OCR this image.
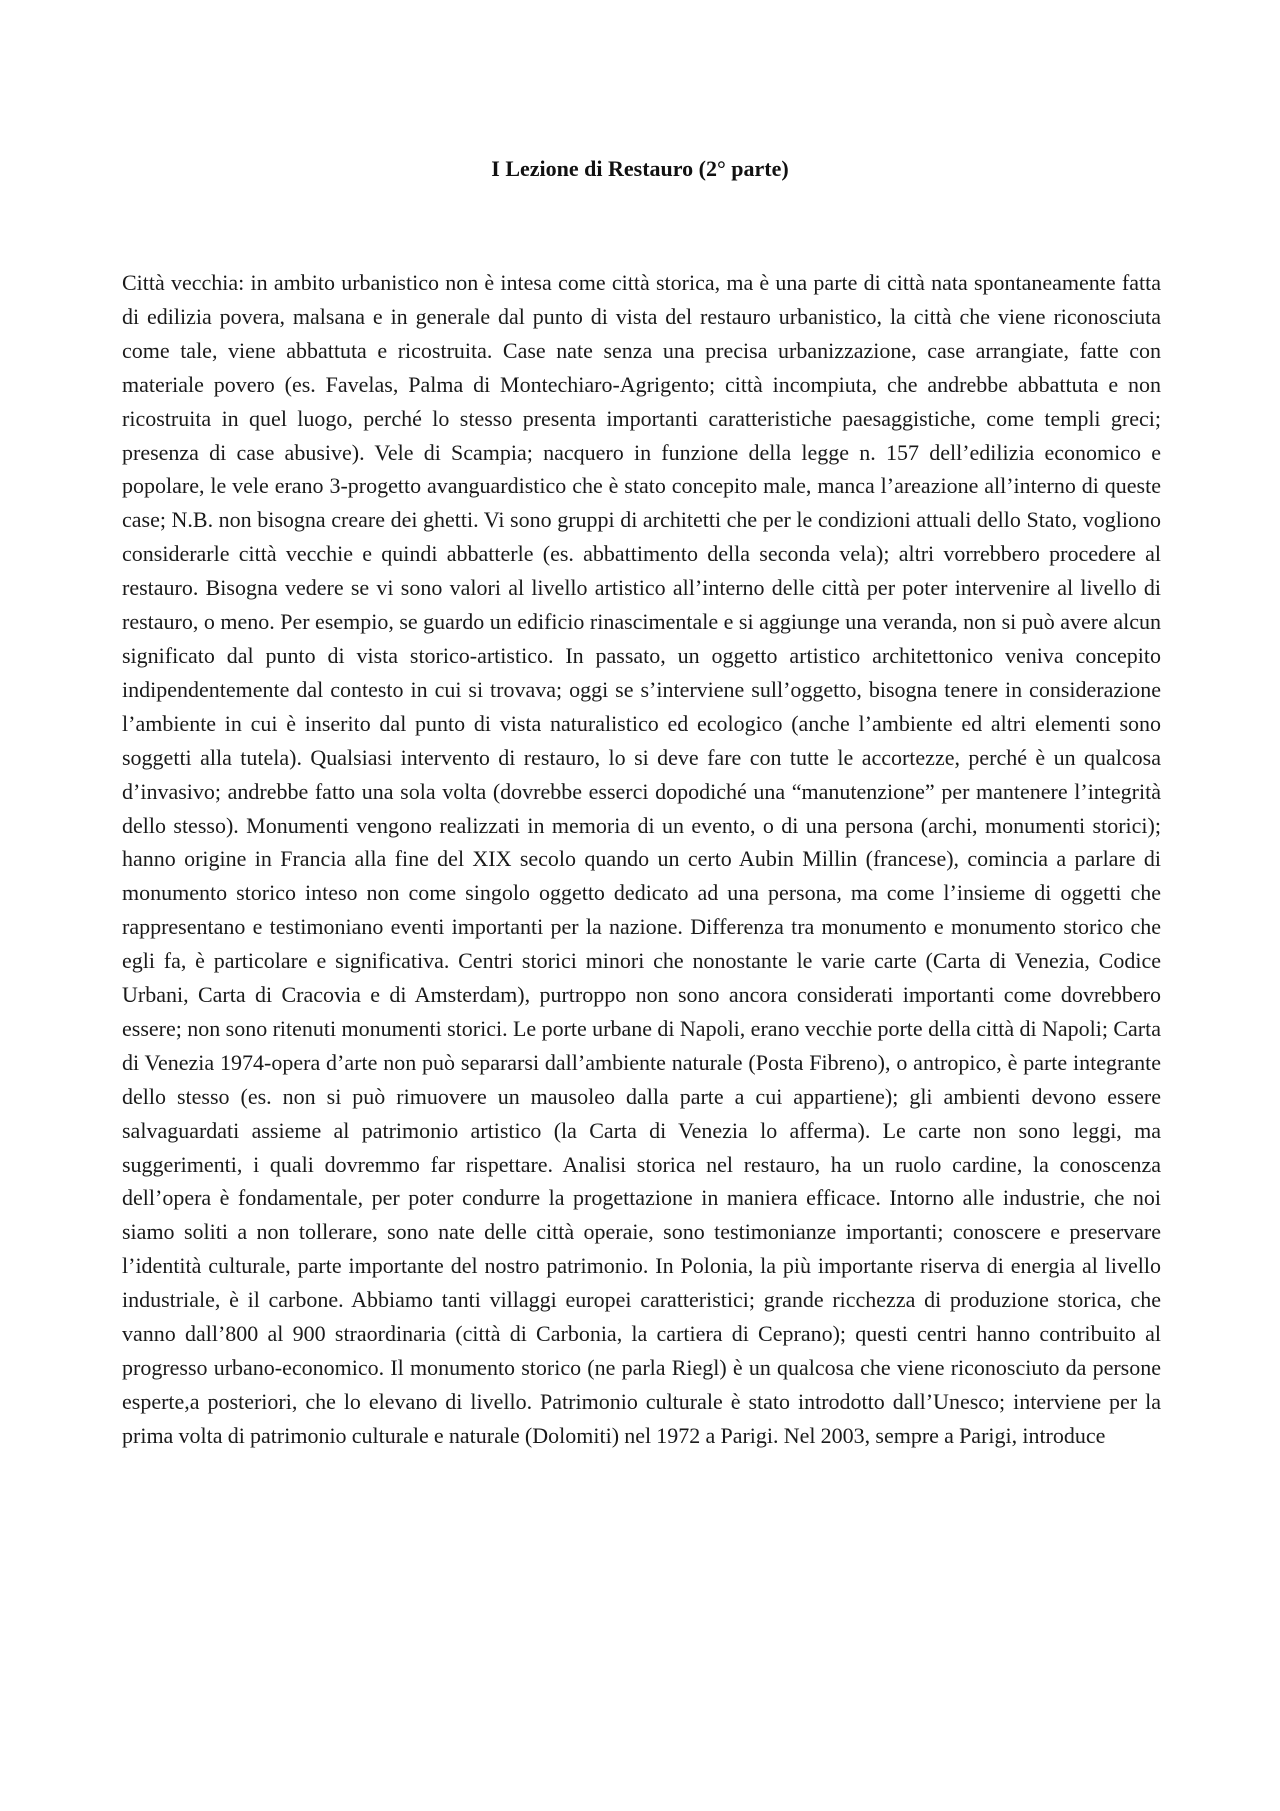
I Lezione di Restauro (2° parte)

Città vecchia: in ambito urbanistico non è intesa come città storica, ma è una parte di città nata spontaneamente fatta di edilizia povera, malsana e in generale dal punto di vista del restauro urbanistico, la città che viene riconosciuta come tale, viene abbattuta e ricostruita. Case nate senza una precisa urbanizzazione, case arrangiate, fatte con materiale povero (es. Favelas, Palma di Montechiaro-Agrigento; città incompiuta, che andrebbe abbattuta e non ricostruita in quel luogo, perché lo stesso presenta importanti caratteristiche paesaggistiche, come templi greci; presenza di case abusive). Vele di Scampia; nacquero in funzione della legge n. 157 dell’edilizia economico e popolare, le vele erano 3-progetto avanguardistico che è stato concepito male, manca l’areazione all’interno di queste case; N.B. non bisogna creare dei ghetti. Vi sono gruppi di architetti che per le condizioni attuali dello Stato, vogliono considerarle città vecchie e quindi abbatterle (es. abbattimento della seconda vela); altri vorrebbero procedere al restauro. Bisogna vedere se vi sono valori al livello artistico all’interno delle città per poter intervenire al livello di restauro, o meno. Per esempio, se guardo un edificio rinascimentale e si aggiunge una veranda, non si può avere alcun significato dal punto di vista storico-artistico. In passato, un oggetto artistico architettonico veniva concepito indipendentemente dal contesto in cui si trovava; oggi se s’interviene sull’oggetto, bisogna tenere in considerazione l’ambiente in cui è inserito dal punto di vista naturalistico ed ecologico (anche l’ambiente ed altri elementi sono soggetti alla tutela). Qualsiasi intervento di restauro, lo si deve fare con tutte le accortezze, perché è un qualcosa d’invasivo; andrebbe fatto una sola volta (dovrebbe esserci dopodiché una “manutenzione” per mantenere l’integrità dello stesso). Monumenti vengono realizzati in memoria di un evento, o di una persona (archi, monumenti storici); hanno origine in Francia alla fine del XIX secolo quando un certo Aubin Millin (francese), comincia a parlare di monumento storico inteso non come singolo oggetto dedicato ad una persona, ma come l’insieme di oggetti che rappresentano e testimoniano eventi importanti per la nazione. Differenza tra monumento e monumento storico che egli fa, è particolare e significativa. Centri storici minori che nonostante le varie carte (Carta di Venezia, Codice Urbani, Carta di Cracovia e di Amsterdam), purtroppo non sono ancora considerati importanti come dovrebbero essere; non sono ritenuti monumenti storici. Le porte urbane di Napoli, erano vecchie porte della città di Napoli; Carta di Venezia 1974-opera d’arte non può separarsi dall’ambiente naturale (Posta Fibreno), o antropico, è parte integrante dello stesso (es. non si può rimuovere un mausoleo dalla parte a cui appartiene); gli ambienti devono essere salvaguardati assieme al patrimonio artistico (la Carta di Venezia lo afferma). Le carte non sono leggi, ma suggerimenti, i quali dovremmo far rispettare. Analisi storica nel restauro, ha un ruolo cardine, la conoscenza dell’opera è fondamentale, per poter condurre la progettazione in maniera efficace. Intorno alle industrie, che noi siamo soliti a non tollerare, sono nate delle città operaie, sono testimonianze importanti; conoscere e preservare l’identità culturale, parte importante del nostro patrimonio. In Polonia, la più importante riserva di energia al livello industriale, è il carbone. Abbiamo tanti villaggi europei caratteristici; grande ricchezza di produzione storica, che vanno dall’800 al 900 straordinaria (città di Carbonia, la cartiera di Ceprano); questi centri hanno contribuito al progresso urbano-economico. Il monumento storico (ne parla Riegl) è un qualcosa che viene riconosciuto da persone esperte,a posteriori, che lo elevano di livello. Patrimonio culturale è stato introdotto dall’Unesco; interviene per la prima volta di patrimonio culturale e naturale (Dolomiti) nel 1972 a Parigi. Nel 2003, sempre a Parigi, introduce
